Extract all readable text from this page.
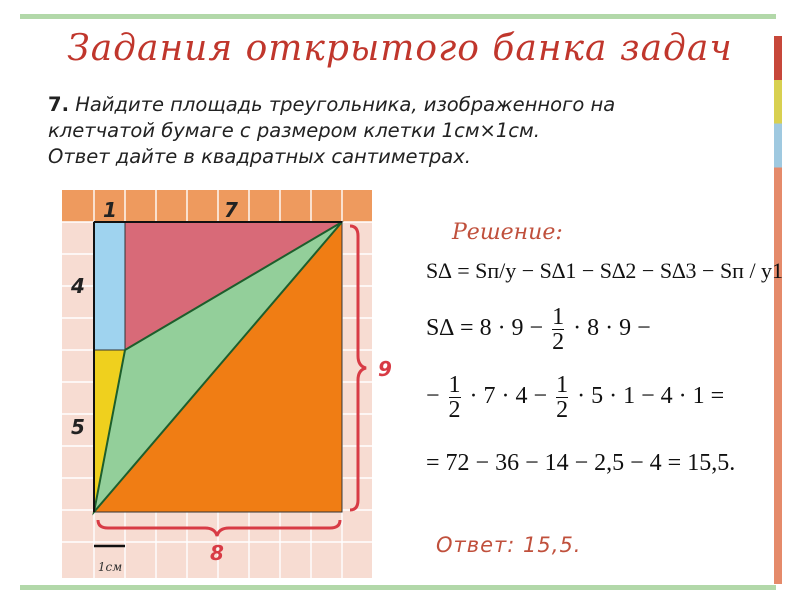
Задания открытого банка задач
7. Найдите площадь треугольника, изображенного на
клетчатой бумаге с размером клетки 1см×1см.
Ответ дайте в квадратных сантиметрах.
1	7
4
5
9
8
1см
Решение:
S∆ = Sп/у − S∆1 − S∆2 − S∆3 − Sп / у1
$S\Delta = 8 \cdot 9 - \frac{1}{2} \cdot 8 \cdot 9$ −
− $\frac{1}{2} \cdot 7 \cdot 4 - \frac{1}{2} \cdot 5 \cdot 1 - 4 \cdot 1$ =
= 72 − 36 − 14 − 2,5 − 4 = 15,5.
Ответ: 15,5.
